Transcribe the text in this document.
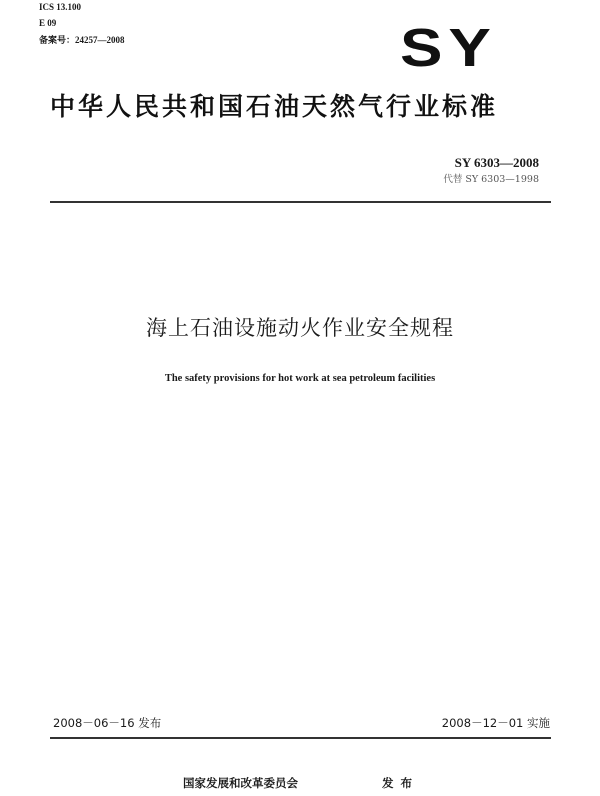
ICS 13.100
E 09
备案号：24257—2008	SY
中华人民共和国石油天然气行业标准
SY 6303—2008
代替 SY 6303—1998
海上石油设施动火作业安全规程
The safety provisions for hot work at sea petroleum facilities
2008－06－16 发布	2008－12－01 实施
国家发展和改革委员会	发布
